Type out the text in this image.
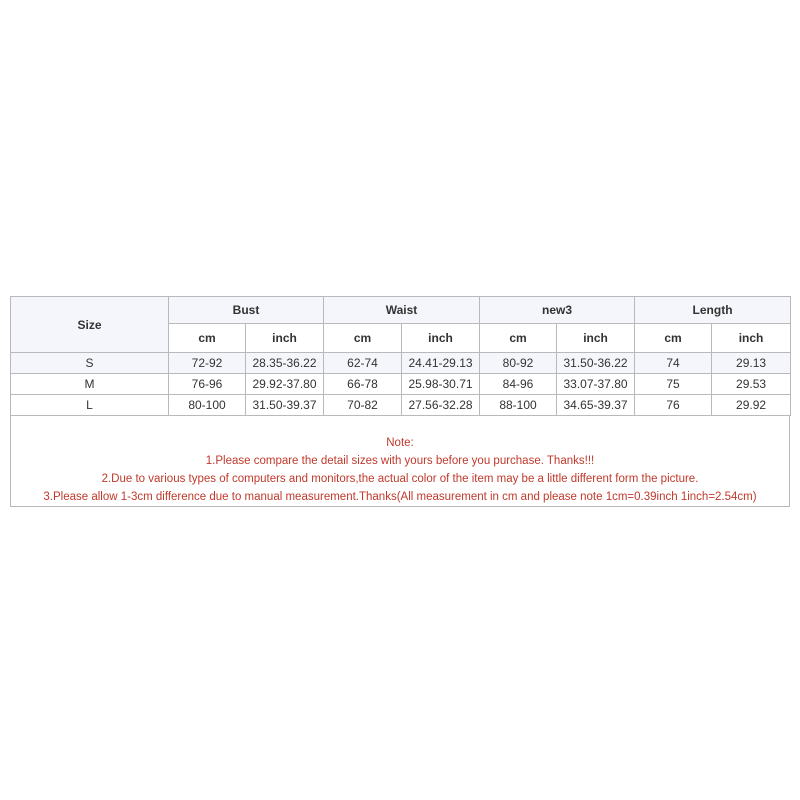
Size	Bust		Waist		new3		Length	
	cm	inch	cm	inch	cm	inch	cm	inch
S	72-92	28.35-36.22	62-74	24.41-29.13	80-92	31.50-36.22	74	29.13
M	76-96	29.92-37.80	66-78	25.98-30.71	84-96	33.07-37.80	75	29.53
L	80-100	31.50-39.37	70-82	27.56-32.28	88-100	34.65-39.37	76	29.92
Note:
1.Please compare the detail sizes with yours before you purchase. Thanks!!!
2.Due to various types of computers and monitors,the actual color of the item may be a little different form the picture.
3.Please allow 1-3cm difference due to manual measurement.Thanks(All measurement in cm and please note 1cm=0.39inch 1inch=2.54cm)
